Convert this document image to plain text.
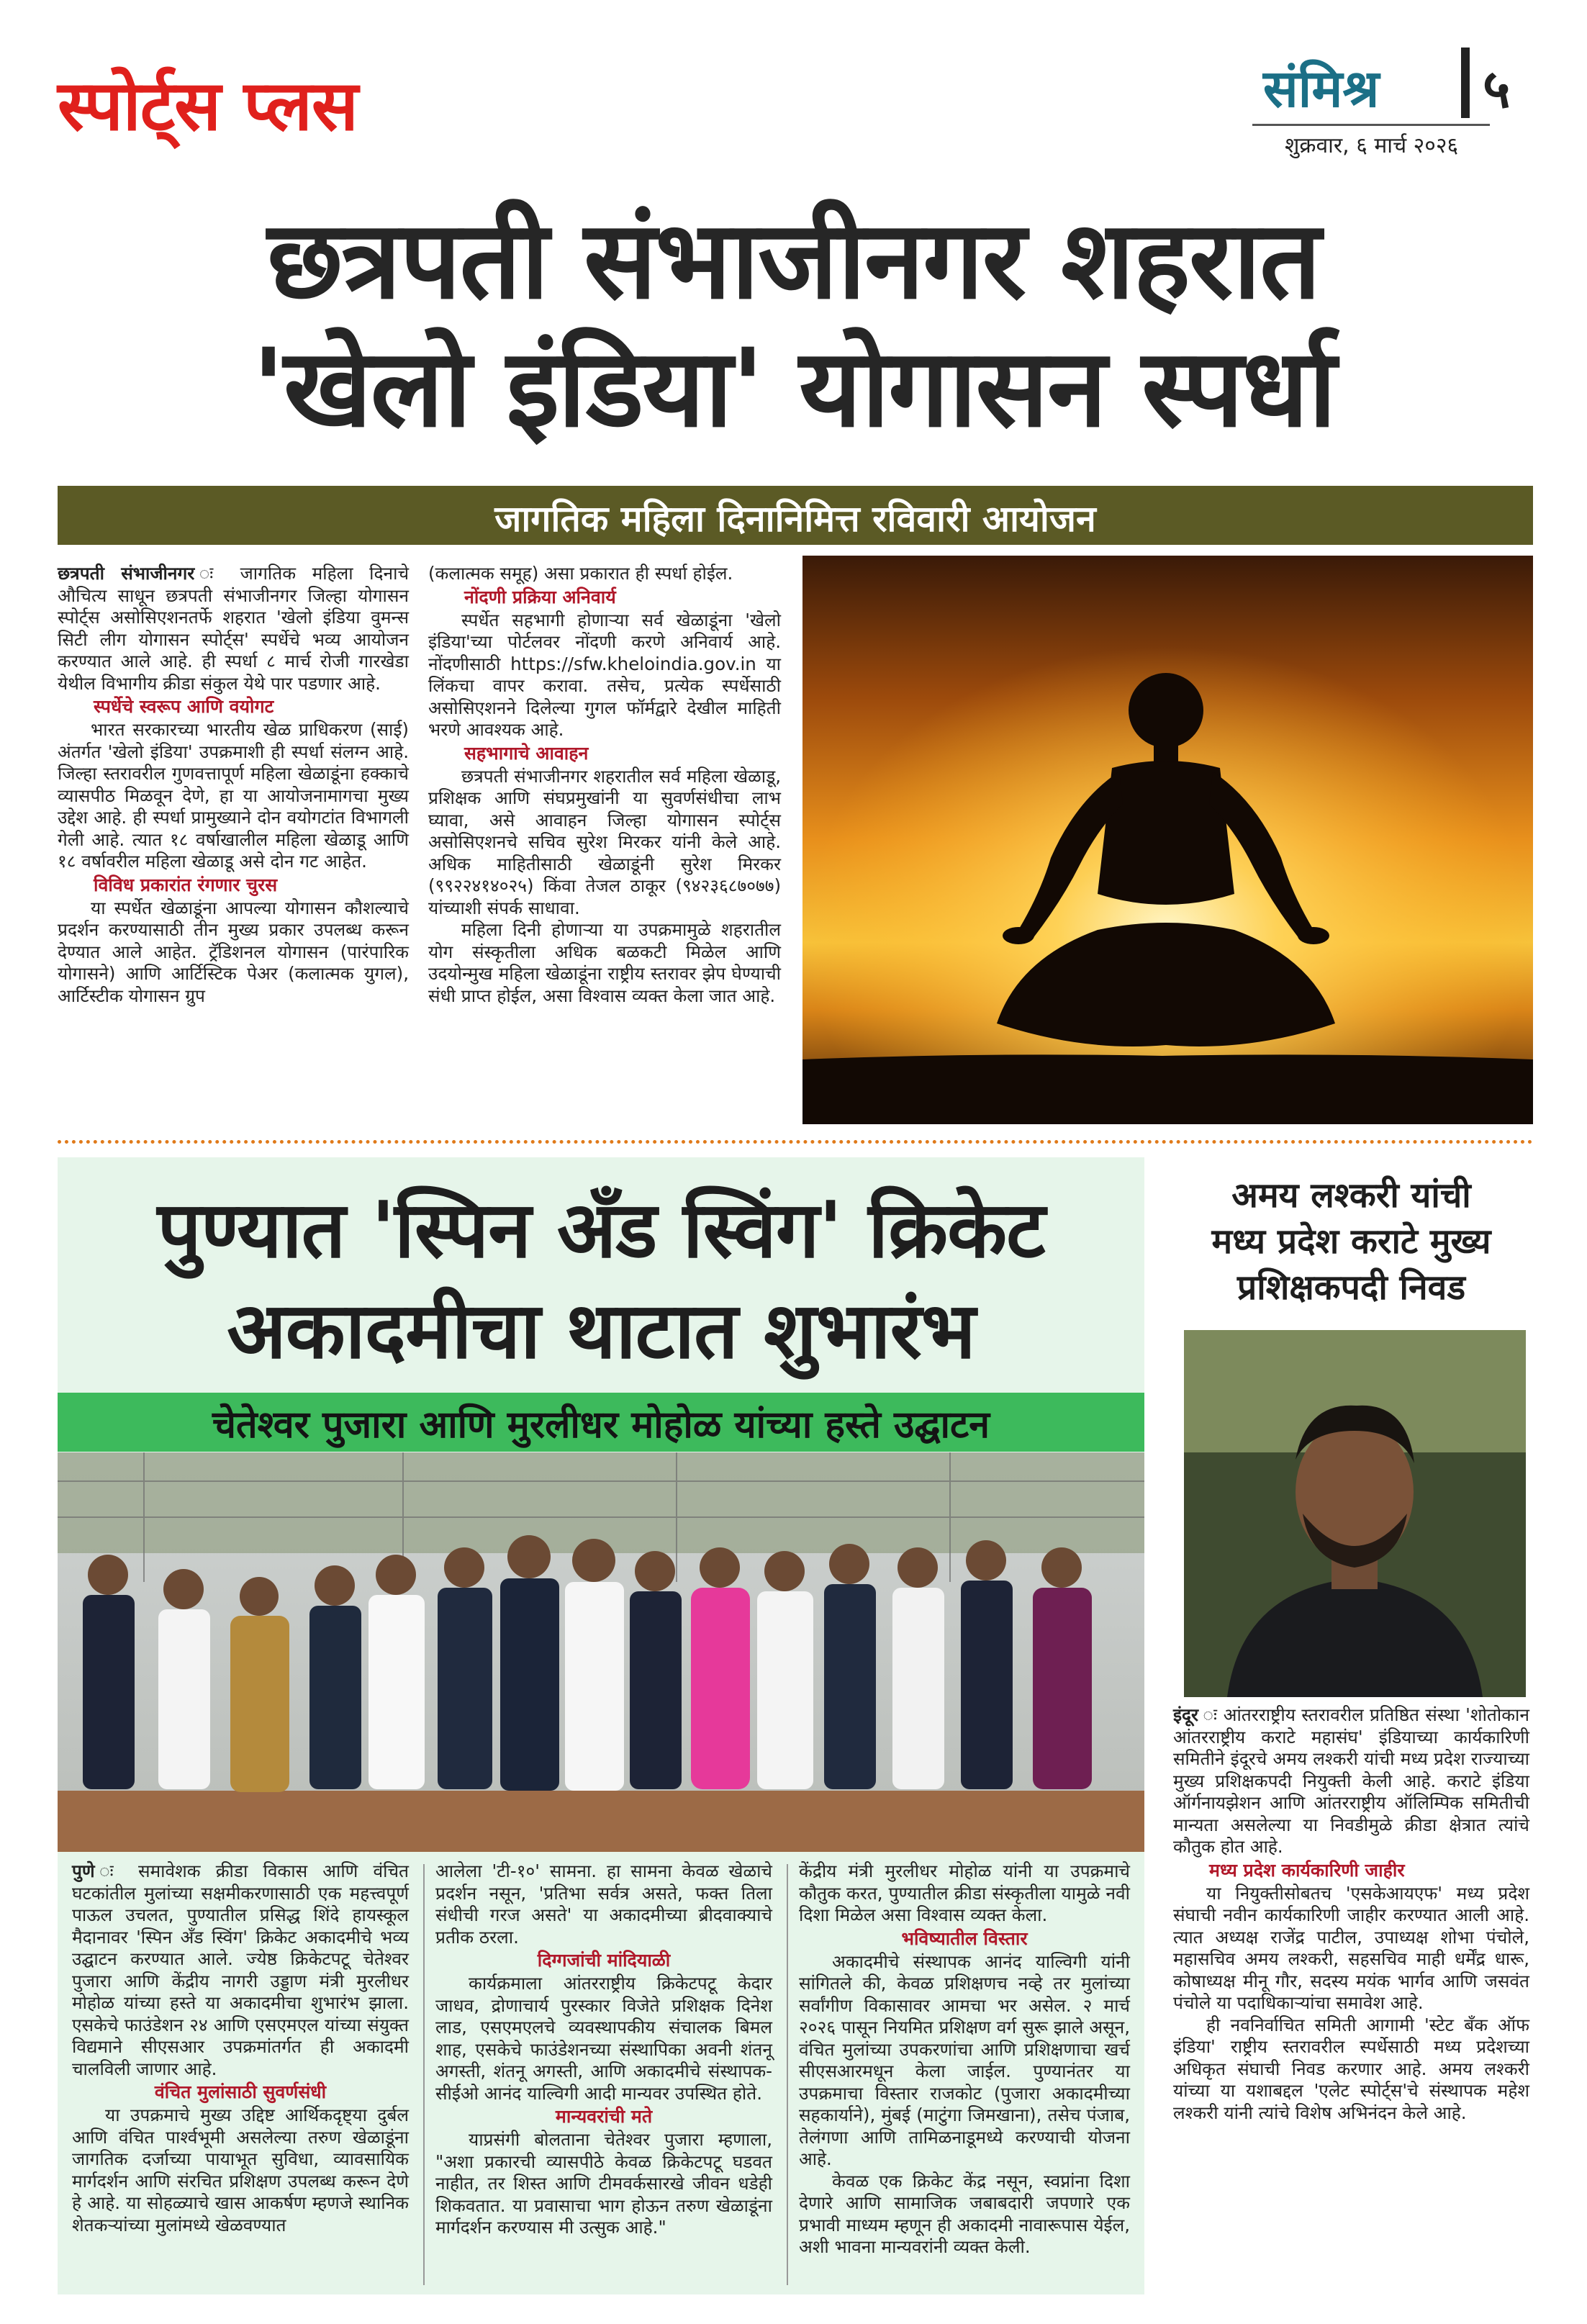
स्पोर्ट्स प्लस	संमिश्र ५
शुक्रवार, ६ मार्च २०२६
छत्रपती संभाजीनगर शहरात
'खेलो इंडिया' योगासन स्पर्धा
जागतिक महिला दिनानिमित्त रविवारी आयोजन

छत्रपती संभाजीनगर ः जागतिक महिला दिनाचे औचित्य साधून छत्रपती संभाजीनगर जिल्हा योगासन स्पोर्ट्स असोसिएशनतर्फे शहरात 'खेलो इंडिया वुमन्स सिटी लीग योगासन स्पोर्ट्स' स्पर्धेचे भव्य आयोजन करण्यात आले आहे. ही स्पर्धा ८ मार्च रोजी गारखेडा येथील विभागीय क्रीडा संकुल येथे पार पडणार आहे.

स्पर्धेचे स्वरूप आणि वयोगट

भारत सरकारच्या भारतीय खेळ प्राधिकरण (साई) अंतर्गत 'खेलो इंडिया' उपक्रमाशी ही स्पर्धा संलग्न आहे. जिल्हा स्तरावरील गुणवत्तापूर्ण महिला खेळाडूंना हक्काचे व्यासपीठ मिळवून देणे, हा या आयोजनामागचा मुख्य उद्देश आहे. ही स्पर्धा प्रामुख्याने दोन वयोगटांत विभागली गेली आहे. त्यात १८ वर्षाखालील महिला खेळाडू आणि १८ वर्षावरील महिला खेळाडू असे दोन गट आहेत.

विविध प्रकारांत रंगणार चुरस

या स्पर्धेत खेळाडूंना आपल्या योगासन कौशल्याचे प्रदर्शन करण्यासाठी तीन मुख्य प्रकार उपलब्ध करून देण्यात आले आहेत. ट्रॅडिशनल योगासन (पारंपारिक योगासने) आणि आर्टिस्टिक पेअर (कलात्मक युगल), आर्टिस्टीक योगासन ग्रुप

(कलात्मक समूह) असा प्रकारात ही स्पर्धा होईल.

नोंदणी प्रक्रिया अनिवार्य

स्पर्धेत सहभागी होणाऱ्या सर्व खेळाडूंना 'खेलो इंडिया'च्या पोर्टलवर नोंदणी करणे अनिवार्य आहे. नोंदणीसाठी https://sfw.kheloindia.gov.in या लिंकचा वापर करावा. तसेच, प्रत्येक स्पर्धेसाठी असोसिएशनने दिलेल्या गुगल फॉर्मद्वारे देखील माहिती भरणे आवश्यक आहे.

सहभागाचे आवाहन

छत्रपती संभाजीनगर शहरातील सर्व महिला खेळाडू, प्रशिक्षक आणि संघप्रमुखांनी या सुवर्णसंधीचा लाभ घ्यावा, असे आवाहन जिल्हा योगासन स्पोर्ट्स असोसिएशनचे सचिव सुरेश मिरकर यांनी केले आहे. अधिक माहितीसाठी खेळाडूंनी सुरेश मिरकर (९९२२४१४०२५) किंवा तेजल ठाकूर (९४२३६८७०७७) यांच्याशी संपर्क साधावा.

महिला दिनी होणाऱ्या या उपक्रमामुळे शहरातील योग संस्कृतीला अधिक बळकटी मिळेल आणि उदयोन्मुख महिला खेळाडूंना राष्ट्रीय स्तरावर झेप घेण्याची संधी प्राप्त होईल, असा विश्वास व्यक्त केला जात आहे.

पुण्यात 'स्पिन अँड स्विंग' क्रिकेट
अकादमीचा थाटात शुभारंभ
चेतेश्वर पुजारा आणि मुरलीधर मोहोळ यांच्या हस्ते उद्घाटन

पुणे ः समावेशक क्रीडा विकास आणि वंचित घटकांतील मुलांच्या सक्षमीकरणासाठी एक महत्त्वपूर्ण पाऊल उचलत, पुण्यातील प्रसिद्ध शिंदे हायस्कूल मैदानावर 'स्पिन अँड स्विंग' क्रिकेट अकादमीचे भव्य उद्घाटन करण्यात आले. ज्येष्ठ क्रिकेटपटू चेतेश्वर पुजारा आणि केंद्रीय नागरी उड्डाण मंत्री मुरलीधर मोहोळ यांच्या हस्ते या अकादमीचा शुभारंभ झाला. एसकेचे फाउंडेशन २४ आणि एसएमएल यांच्या संयुक्त विद्यमाने सीएसआर उपक्रमांतर्गत ही अकादमी चालविली जाणार आहे.

वंचित मुलांसाठी सुवर्णसंधी

या उपक्रमाचे मुख्य उद्दिष्ट आर्थिकदृष्ट्या दुर्बल आणि वंचित पार्श्वभूमी असलेल्या तरुण खेळाडूंना जागतिक दर्जाच्या पायाभूत सुविधा, व्यावसायिक मार्गदर्शन आणि संरचित प्रशिक्षण उपलब्ध करून देणे हे आहे. या सोहळ्याचे खास आकर्षण म्हणजे स्थानिक शेतकऱ्यांच्या मुलांमध्ये खेळवण्यात

आलेला 'टी-१०' सामना. हा सामना केवळ खेळाचे प्रदर्शन नसून, 'प्रतिभा सर्वत्र असते, फक्त तिला संधीची गरज असते' या अकादमीच्या ब्रीदवाक्याचे प्रतीक ठरला.

दिग्गजांची मांदियाळी

कार्यक्रमाला आंतरराष्ट्रीय क्रिकेटपटू केदार जाधव, द्रोणाचार्य पुरस्कार विजेते प्रशिक्षक दिनेश लाड, एसएमएलचे व्यवस्थापकीय संचालक बिमल शाह, एसकेचे फाउंडेशनच्या संस्थापिका अवनी शंतनू अगस्ती, शंतनू अगस्ती, आणि अकादमीचे संस्थापक-सीईओ आनंद याल्विगी आदी मान्यवर उपस्थित होते.

मान्यवरांची मते

याप्रसंगी बोलताना चेतेश्वर पुजारा म्हणाला, "अशा प्रकारची व्यासपीठे केवळ क्रिकेटपटू घडवत नाहीत, तर शिस्त आणि टीमवर्कसारखे जीवन धडेही शिकवतात. या प्रवासाचा भाग होऊन तरुण खेळाडूंना मार्गदर्शन करण्यास मी उत्सुक आहे."

केंद्रीय मंत्री मुरलीधर मोहोळ यांनी या उपक्रमाचे कौतुक करत, पुण्यातील क्रीडा संस्कृतीला यामुळे नवी दिशा मिळेल असा विश्वास व्यक्त केला.

भविष्यातील विस्तार

अकादमीचे संस्थापक आनंद याल्विगी यांनी सांगितले की, केवळ प्रशिक्षणच नव्हे तर मुलांच्या सर्वांगीण विकासावर आमचा भर असेल. २ मार्च २०२६ पासून नियमित प्रशिक्षण वर्ग सुरू झाले असून, वंचित मुलांच्या उपकरणांचा आणि प्रशिक्षणाचा खर्च सीएसआरमधून केला जाईल. पुण्यानंतर या उपक्रमाचा विस्तार राजकोट (पुजारा अकादमीच्या सहकार्याने), मुंबई (माटुंगा जिमखाना), तसेच पंजाब, तेलंगणा आणि तामिळनाडूमध्ये करण्याची योजना आहे.

केवळ एक क्रिकेट केंद्र नसून, स्वप्नांना दिशा देणारे आणि सामाजिक जबाबदारी जपणारे एक प्रभावी माध्यम म्हणून ही अकादमी नावारूपास येईल, अशी भावना मान्यवरांनी व्यक्त केली.

अमय लश्करी यांची
मध्य प्रदेश कराटे मुख्य
प्रशिक्षकपदी निवड

इंदूर ः आंतरराष्ट्रीय स्तरावरील प्रतिष्ठित संस्था 'शोतोकान आंतरराष्ट्रीय कराटे महासंघ' इंडियाच्या कार्यकारिणी समितीने इंदूरचे अमय लश्करी यांची मध्य प्रदेश राज्याच्या मुख्य प्रशिक्षकपदी नियुक्ती केली आहे. कराटे इंडिया ऑर्गनायझेशन आणि आंतरराष्ट्रीय ऑलिम्पिक समितीची मान्यता असलेल्या या निवडीमुळे क्रीडा क्षेत्रात त्यांचे कौतुक होत आहे.

मध्य प्रदेश कार्यकारिणी जाहीर

या नियुक्तीसोबतच 'एसकेआयएफ' मध्य प्रदेश संघाची नवीन कार्यकारिणी जाहीर करण्यात आली आहे. त्यात अध्यक्ष राजेंद्र पाटील, उपाध्यक्ष शोभा पंचोले, महासचिव अमय लश्करी, सहसचिव माही धर्मेंद्र धारू, कोषाध्यक्ष मीनू गौर, सदस्य मयंक भार्गव आणि जसवंत पंचोले या पदाधिकाऱ्यांचा समावेश आहे.

ही नवनिर्वाचित समिती आगामी 'स्टेट बँक ऑफ इंडिया' राष्ट्रीय स्तरावरील स्पर्धेसाठी मध्य प्रदेशच्या अधिकृत संघाची निवड करणार आहे. अमय लश्करी यांच्या या यशाबद्दल 'एलेट स्पोर्ट्स'चे संस्थापक महेश लश्करी यांनी त्यांचे विशेष अभिनंदन केले आहे.
